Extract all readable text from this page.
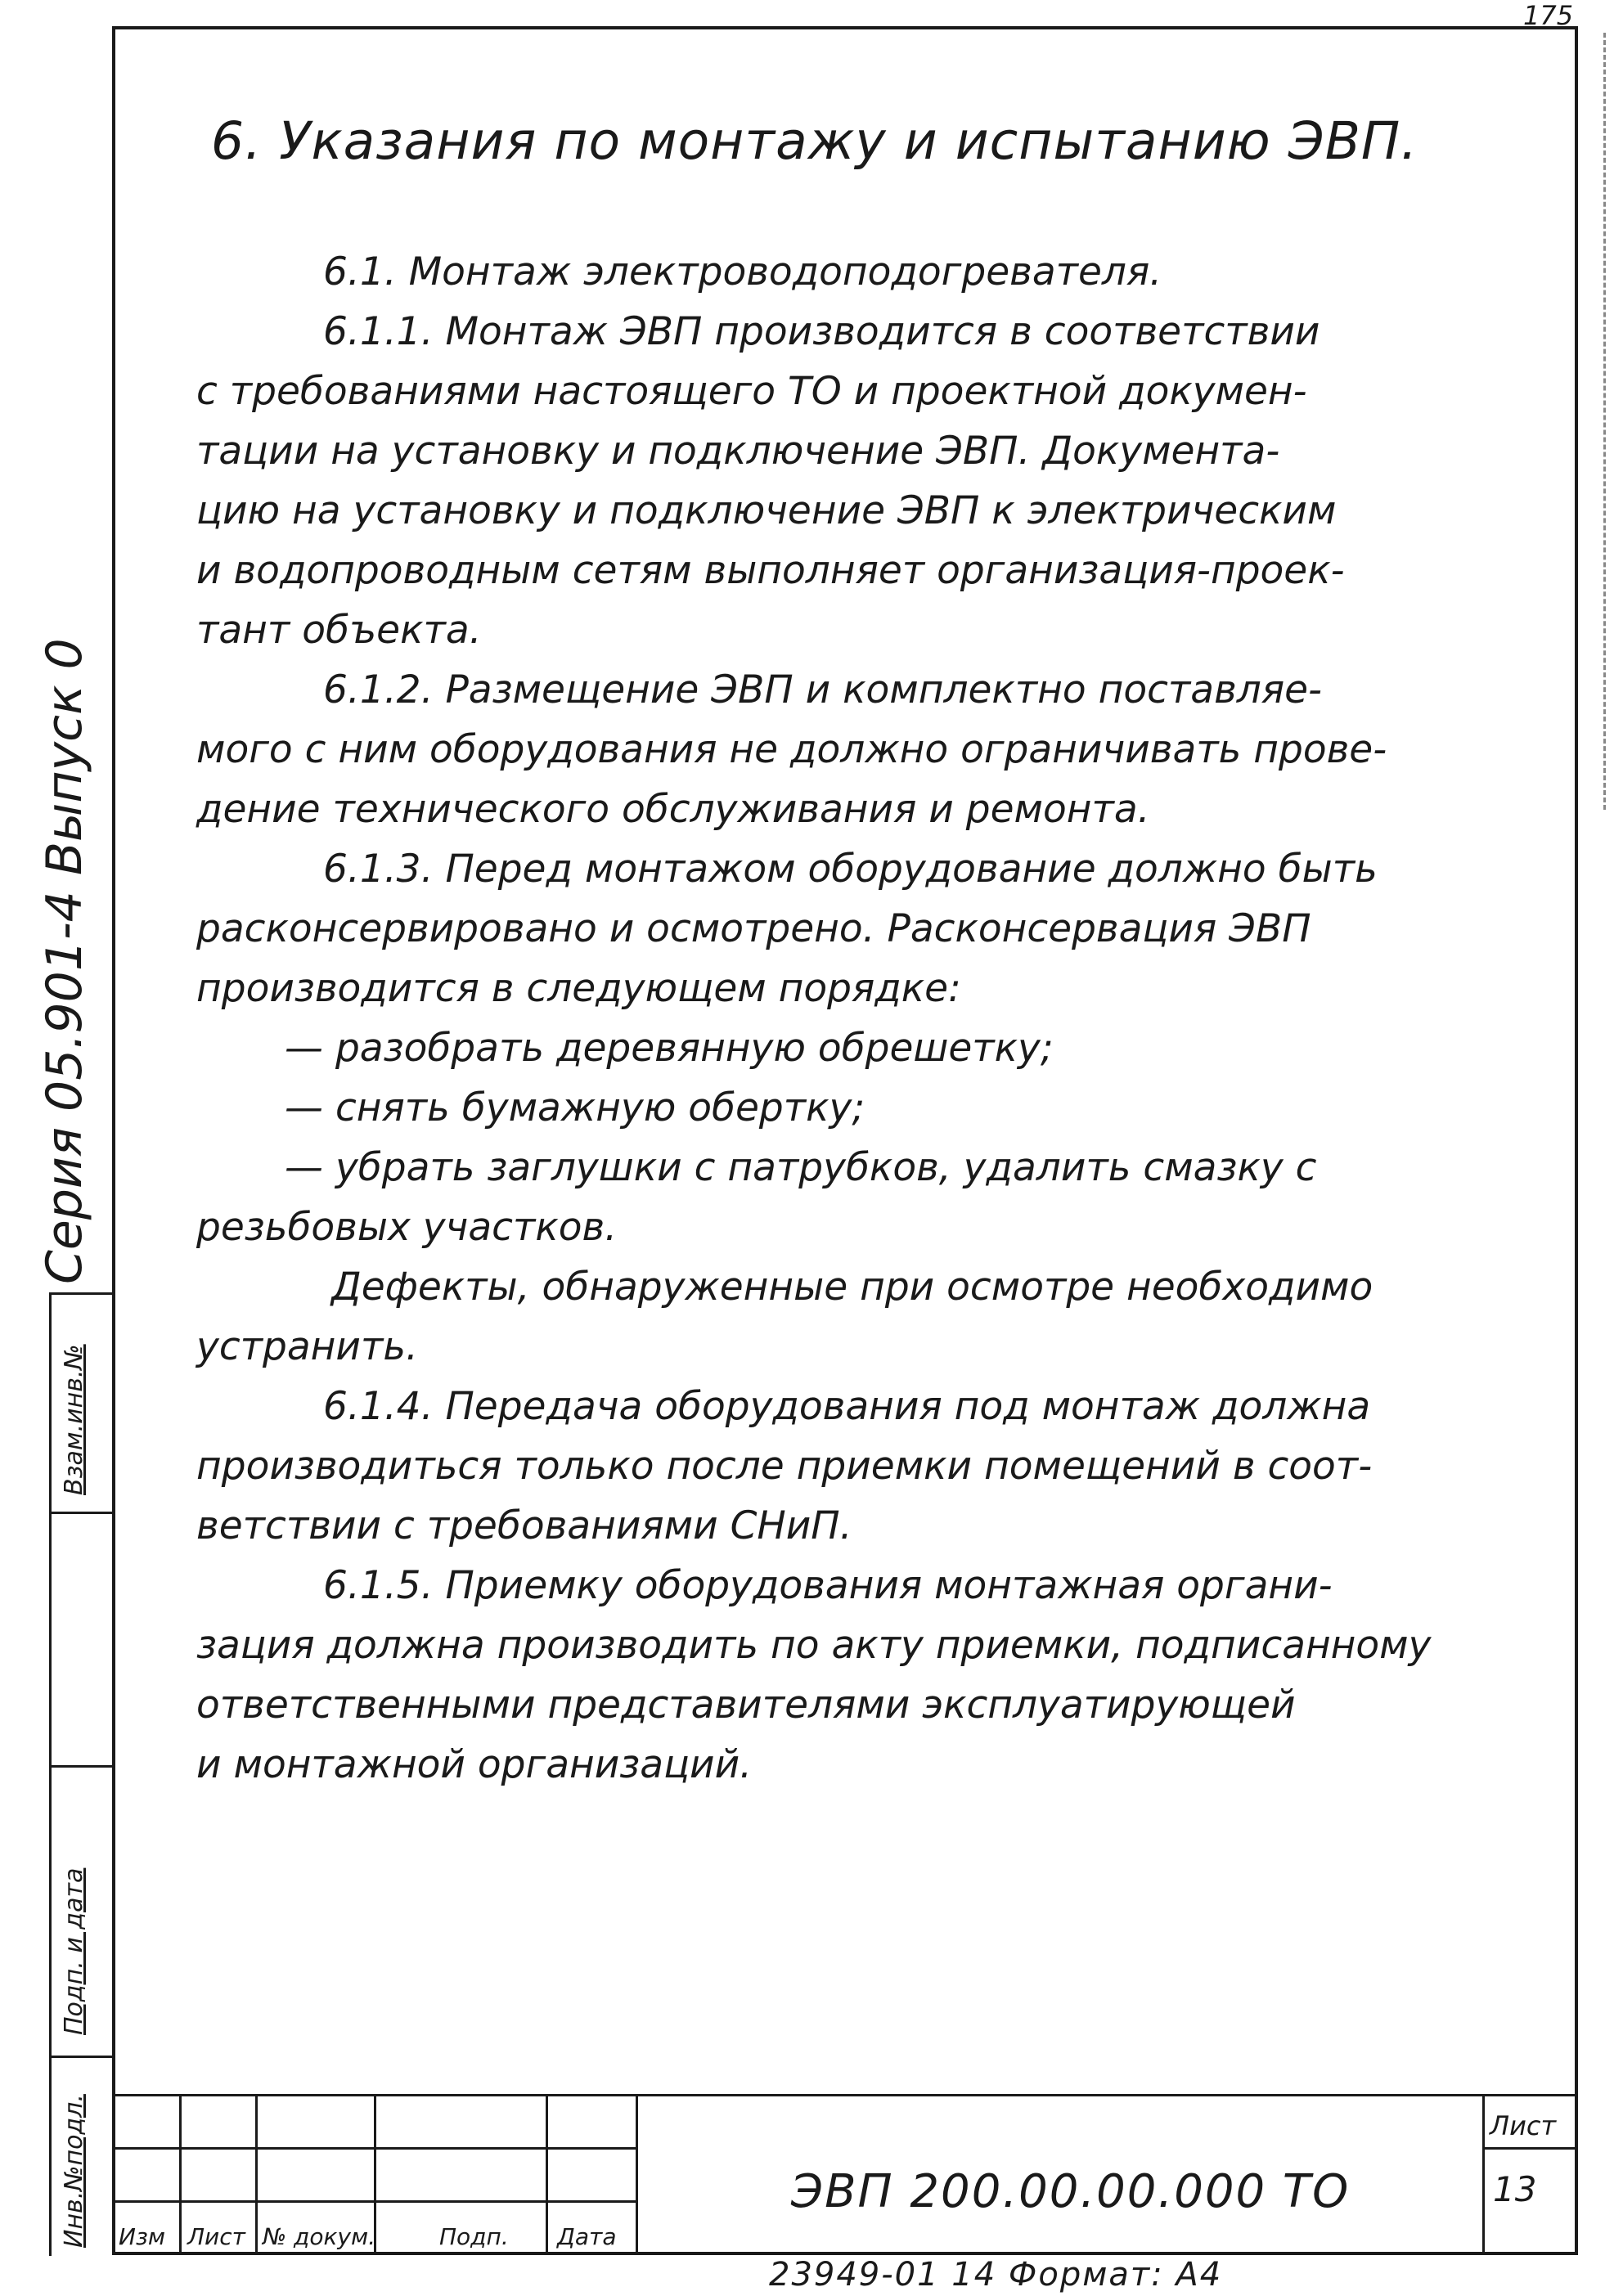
175
6. Указания по монтажу и испытанию ЭВП.
6.1. Монтаж электроводоподогревателя.
6.1.1. Монтаж ЭВП производится в соответствии
с требованиями настоящего ТО и проектной докумен-
тации на установку и подключение ЭВП. Документа-
цию на установку и подключение ЭВП к электрическим
и водопроводным сетям выполняет организация-проек-
тант объекта.
6.1.2. Размещение ЭВП и комплектно поставляе-
мого с ним оборудования не должно ограничивать прове-
дение технического обслуживания и ремонта.
6.1.3. Перед монтажом оборудование должно быть
расконсервировано и осмотрено. Расконсервация ЭВП
производится в следующем порядке:
— разобрать деревянную обрешетку;
— снять бумажную обертку;
— убрать заглушки с патрубков, удалить смазку с
резьбовых участков.
Дефекты, обнаруженные при осмотре необходимо
устранить.
6.1.4. Передача оборудования под монтаж должна
производиться только после приемки помещений в соот-
ветствии с требованиями СНиП.
6.1.5. Приемку оборудования монтажная органи-
зация должна производить по акту приемки, подписанному
ответственными представителями эксплуатирующей
и монтажной организаций.
Серия 05.901-4 Выпуск 0
Взам.инв.№
Подп. и дата
Инв.№подл. Изм Лист № докум.	Подп. Дата
ЭВП 200.00.00.000 ТО
Лист
13
23949-01 14 Формат: А4
